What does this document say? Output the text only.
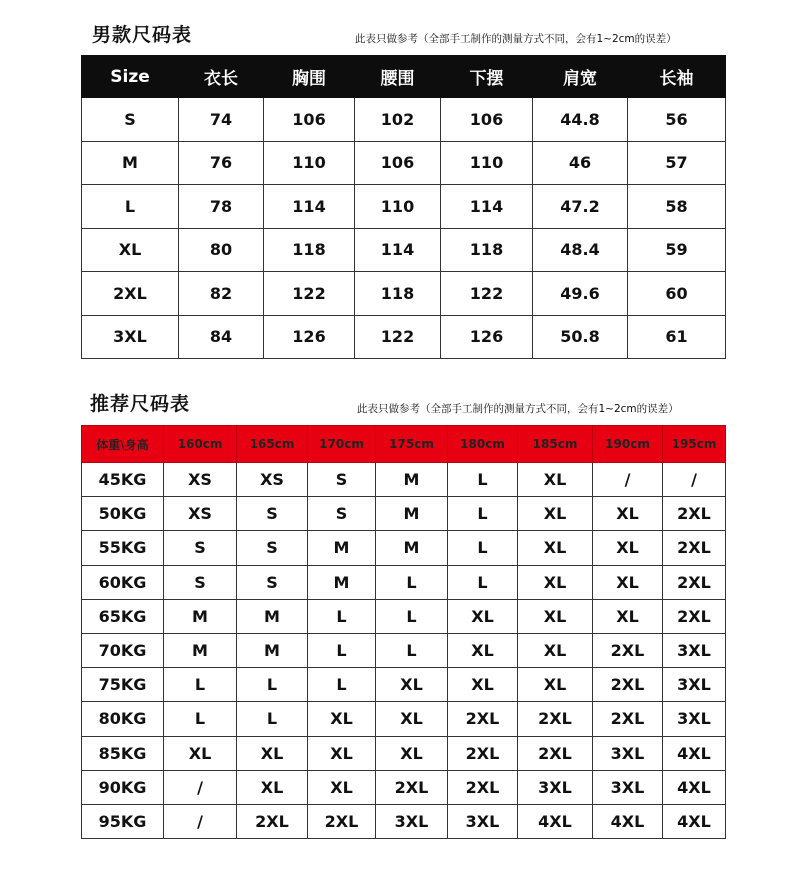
男款尺码表	此表只做参考（全部手工制作的测量方式不同，会有1~2cm的误差）
Size	衣长	胸围	腰围	下摆	肩宽	长袖
S	74	106	102	106	44.8	56
M	76	110	106	110	46	57
L	78	114	110	114	47.2	58
XL	80	118	114	118	48.4	59
2XL	82	122	118	122	49.6	60
3XL	84	126	122	126	50.8	61
推荐尺码表	此表只做参考（全部手工制作的测量方式不同，会有1~2cm的误差）
体重\身高	160cm	165cm	170cm	175cm	180cm	185cm	190cm	195cm
45KG	XS	XS	S	M	L	XL	/	/
50KG	XS	S	S	M	L	XL	XL	2XL
55KG	S	S	M	M	L	XL	XL	2XL
60KG	S	S	M	L	L	XL	XL	2XL
65KG	M	M	L	L	XL	XL	XL	2XL
70KG	M	M	L	L	XL	XL	2XL	3XL
75KG	L	L	L	XL	XL	XL	2XL	3XL
80KG	L	L	XL	XL	2XL	2XL	2XL	3XL
85KG	XL	XL	XL	XL	2XL	2XL	3XL	4XL
90KG	/	XL	XL	2XL	2XL	3XL	3XL	4XL
95KG	/	2XL	2XL	3XL	3XL	4XL	4XL	4XL
